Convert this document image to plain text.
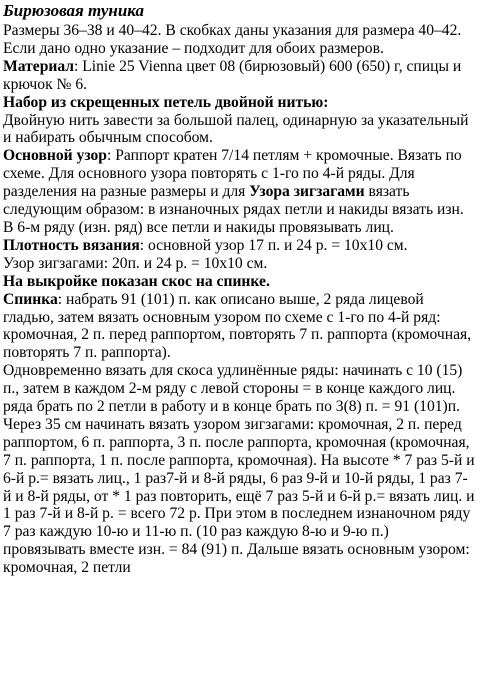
Бирюзовая туника

Размеры 36–38 и 40–42. В скобках даны указания для размера 40–42. Если дано одно указание – подходит для обоих размеров.

Материал: Linie 25 Vienna цвет 08 (бирюзовый) 600 (650) г, спицы и крючок № 6.

Набор из скрещенных петель двойной нитью:

Двойную нить завести за большой палец, одинарную за указательный и набирать обычным способом.

Основной узор: Раппорт кратен 7/14 петлям + кромочные. Вязать по схеме. Для основного узора повторять с 1-го по 4-й ряды. Для разделения на разные размеры и для Узора зигзагами вязать следующим образом: в изнаночных рядах петли и накиды вязать изн. В 6-м ряду (изн. ряд) все петли и накиды провязывать лиц.

Плотность вязания: основной узор 17 п. и 24 р. = 10х10 см.

Узор зигзагами: 20п. и 24 р. = 10х10 см.

На выкройке показан скос на спинке.

Спинка: набрать 91 (101) п. как описано выше, 2 ряда лицевой гладью, затем вязать основным узором по схеме с 1-го по 4-й ряд: кромочная, 2 п. перед раппортом, повторять 7 п. раппорта (кромочная, повторять 7 п. раппорта).

Одновременно вязать для скоса удлинённые ряды: начинать с 10 (15) п., затем в каждом 2-м ряду с левой стороны = в конце каждого лиц. ряда брать по 2 петли в работу и в конце брать по 3(8) п. = 91 (101)п. Через 35 см начинать вязать узором зигзагами: кромочная, 2 п. перед раппортом, 6 п. раппорта, 3 п. после раппорта, кромочная (кромочная, 7 п. раппорта, 1 п. после раппорта, кромочная). На высоте * 7 раз 5-й и 6-й р.= вязать лиц., 1 раз7-й и 8-й ряды, 6 раз 9-й и 10-й ряды, 1 раз 7-й и 8-й ряды, от * 1 раз повторить, ещё 7 раз 5-й и 6-й р.= вязать лиц. и 1 раз 7-й и 8-й р. = всего 72 р. При этом в последнем изнаночном ряду 7 раз каждую 10-ю и 11-ю п. (10 раз каждую 8-ю и 9-ю п.) провязывать вместе изн. = 84 (91) п. Дальше вязать основным узором: кромочная, 2 петли
